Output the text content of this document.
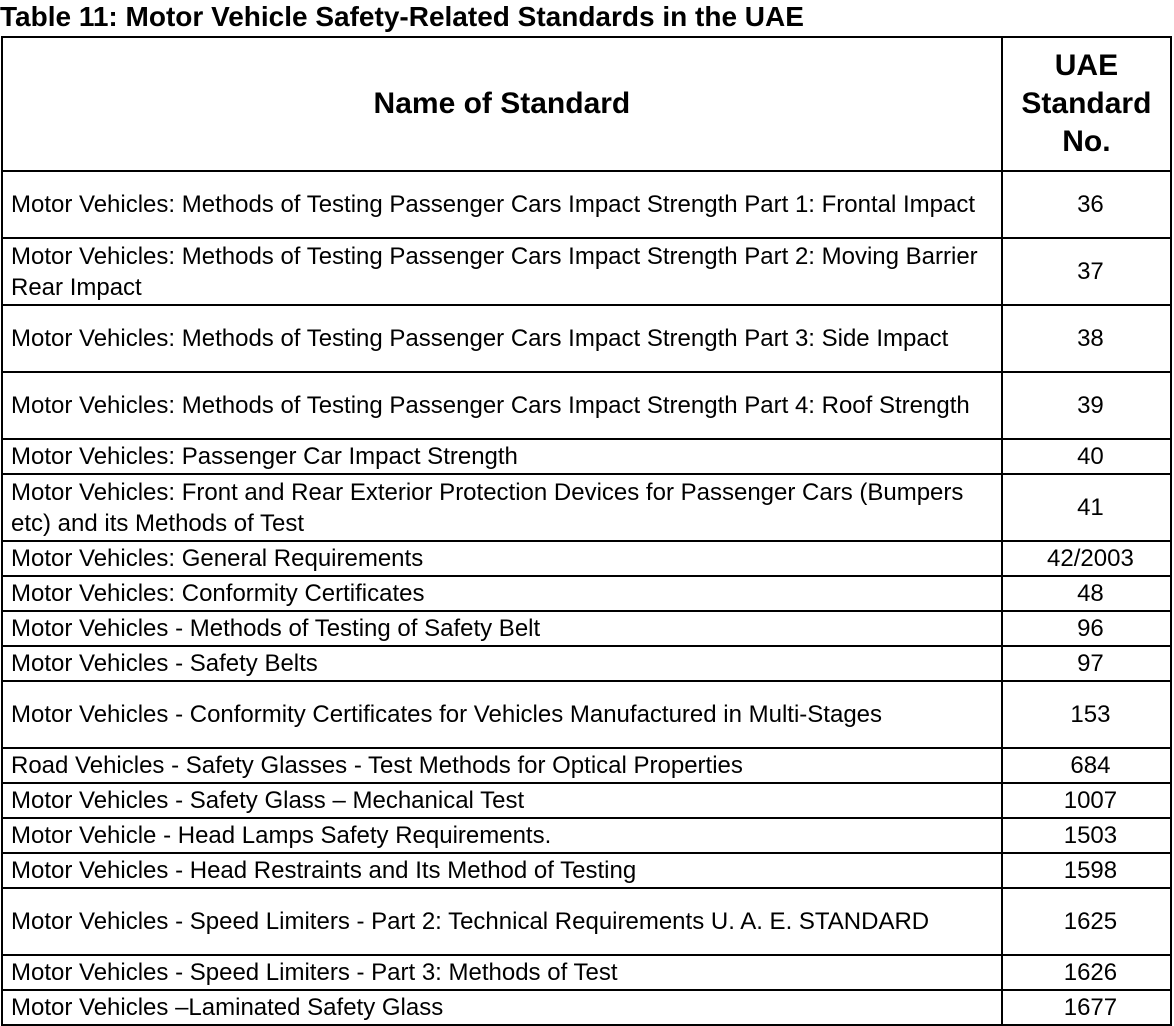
Table 11: Motor Vehicle Safety-Related Standards in the UAE
Name of Standard	UAE
Standard
No.

Motor Vehicles: Methods of Testing Passenger Cars Impact Strength Part 1: Frontal Impact	36
Motor Vehicles: Methods of Testing Passenger Cars Impact Strength Part 2: Moving Barrier Rear Impact	37
Motor Vehicles: Methods of Testing Passenger Cars Impact Strength Part 3: Side Impact	38
Motor Vehicles: Methods of Testing Passenger Cars Impact Strength Part 4: Roof Strength	39
Motor Vehicles: Passenger Car Impact Strength	40
Motor Vehicles: Front and Rear Exterior Protection Devices for Passenger Cars (Bumpers etc) and its Methods of Test	41
Motor Vehicles: General Requirements	42/2003
Motor Vehicles: Conformity Certificates	48
Motor Vehicles - Methods of Testing of Safety Belt	96
Motor Vehicles - Safety Belts	97
Motor Vehicles - Conformity Certificates for Vehicles Manufactured in Multi-Stages	153
Road Vehicles - Safety Glasses - Test Methods for Optical Properties	684
Motor Vehicles - Safety Glass – Mechanical Test	1007
Motor Vehicle - Head Lamps Safety Requirements.	1503
Motor Vehicles - Head Restraints and Its Method of Testing	1598
Motor Vehicles - Speed Limiters - Part 2: Technical Requirements U. A. E. STANDARD	1625
Motor Vehicles - Speed Limiters - Part 3: Methods of Test	1626
Motor Vehicles –Laminated Safety Glass	1677
